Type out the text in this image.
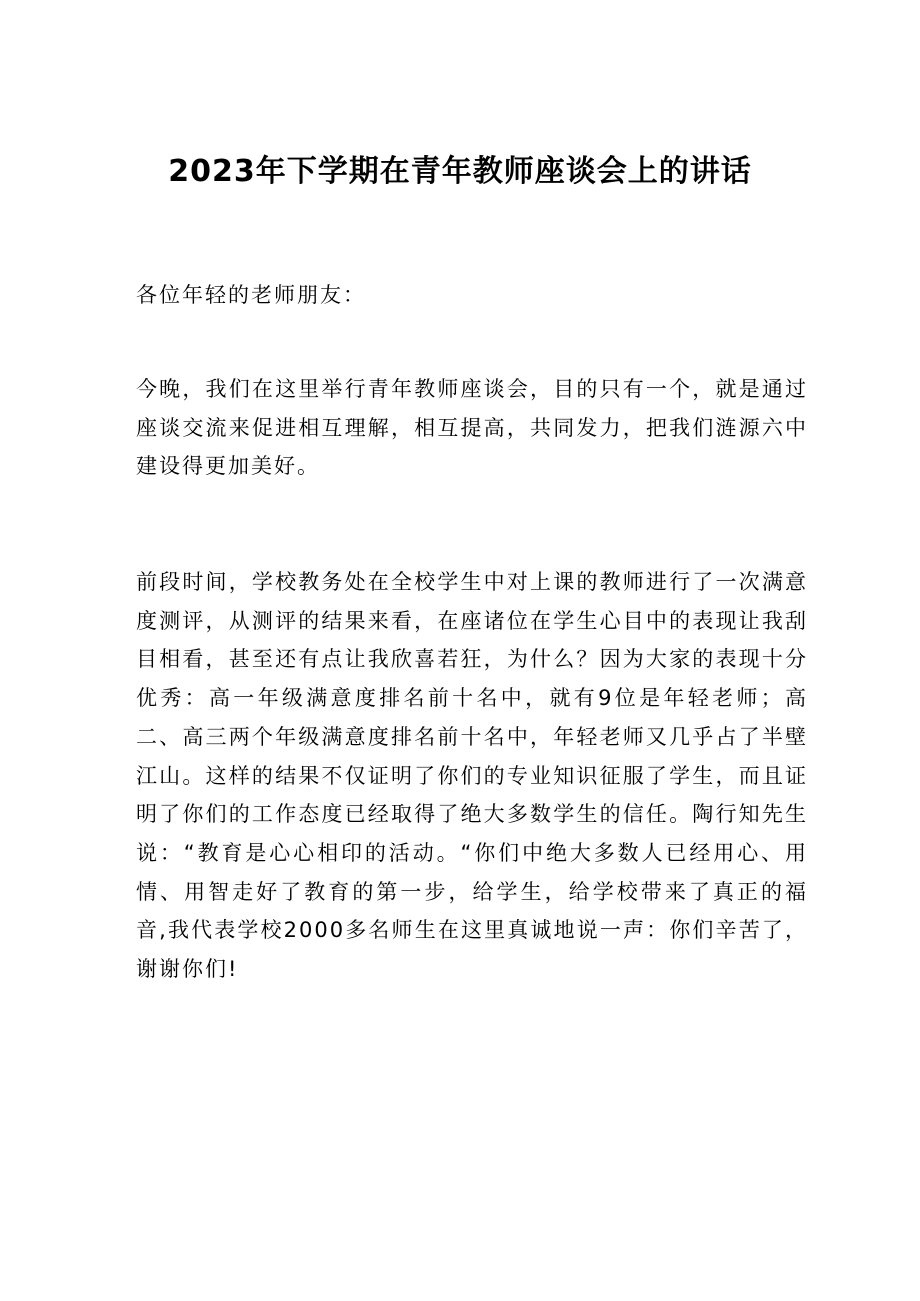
2023年下学期在青年教师座谈会上的讲话

各位年轻的老师朋友：

今晚，我们在这里举行青年教师座谈会，目的只有一个，就是通过座谈交流来促进相互理解，相互提高，共同发力，把我们涟源六中建设得更加美好。

前段时间，学校教务处在全校学生中对上课的教师进行了一次满意度测评，从测评的结果来看，在座诸位在学生心目中的表现让我刮目相看，甚至还有点让我欣喜若狂，为什么？因为大家的表现十分优秀：高一年级满意度排名前十名中，就有9位是年轻老师；高二、高三两个年级满意度排名前十名中，年轻老师又几乎占了半壁江山。这样的结果不仅证明了你们的专业知识征服了学生，而且证明了你们的工作态度已经取得了绝大多数学生的信任。陶行知先生说：“教育是心心相印的活动。“你们中绝大多数人已经用心、用情、用智走好了教育的第一步，给学生，给学校带来了真正的福音,我代表学校2000多名师生在这里真诚地说一声：你们辛苦了，谢谢你们!
